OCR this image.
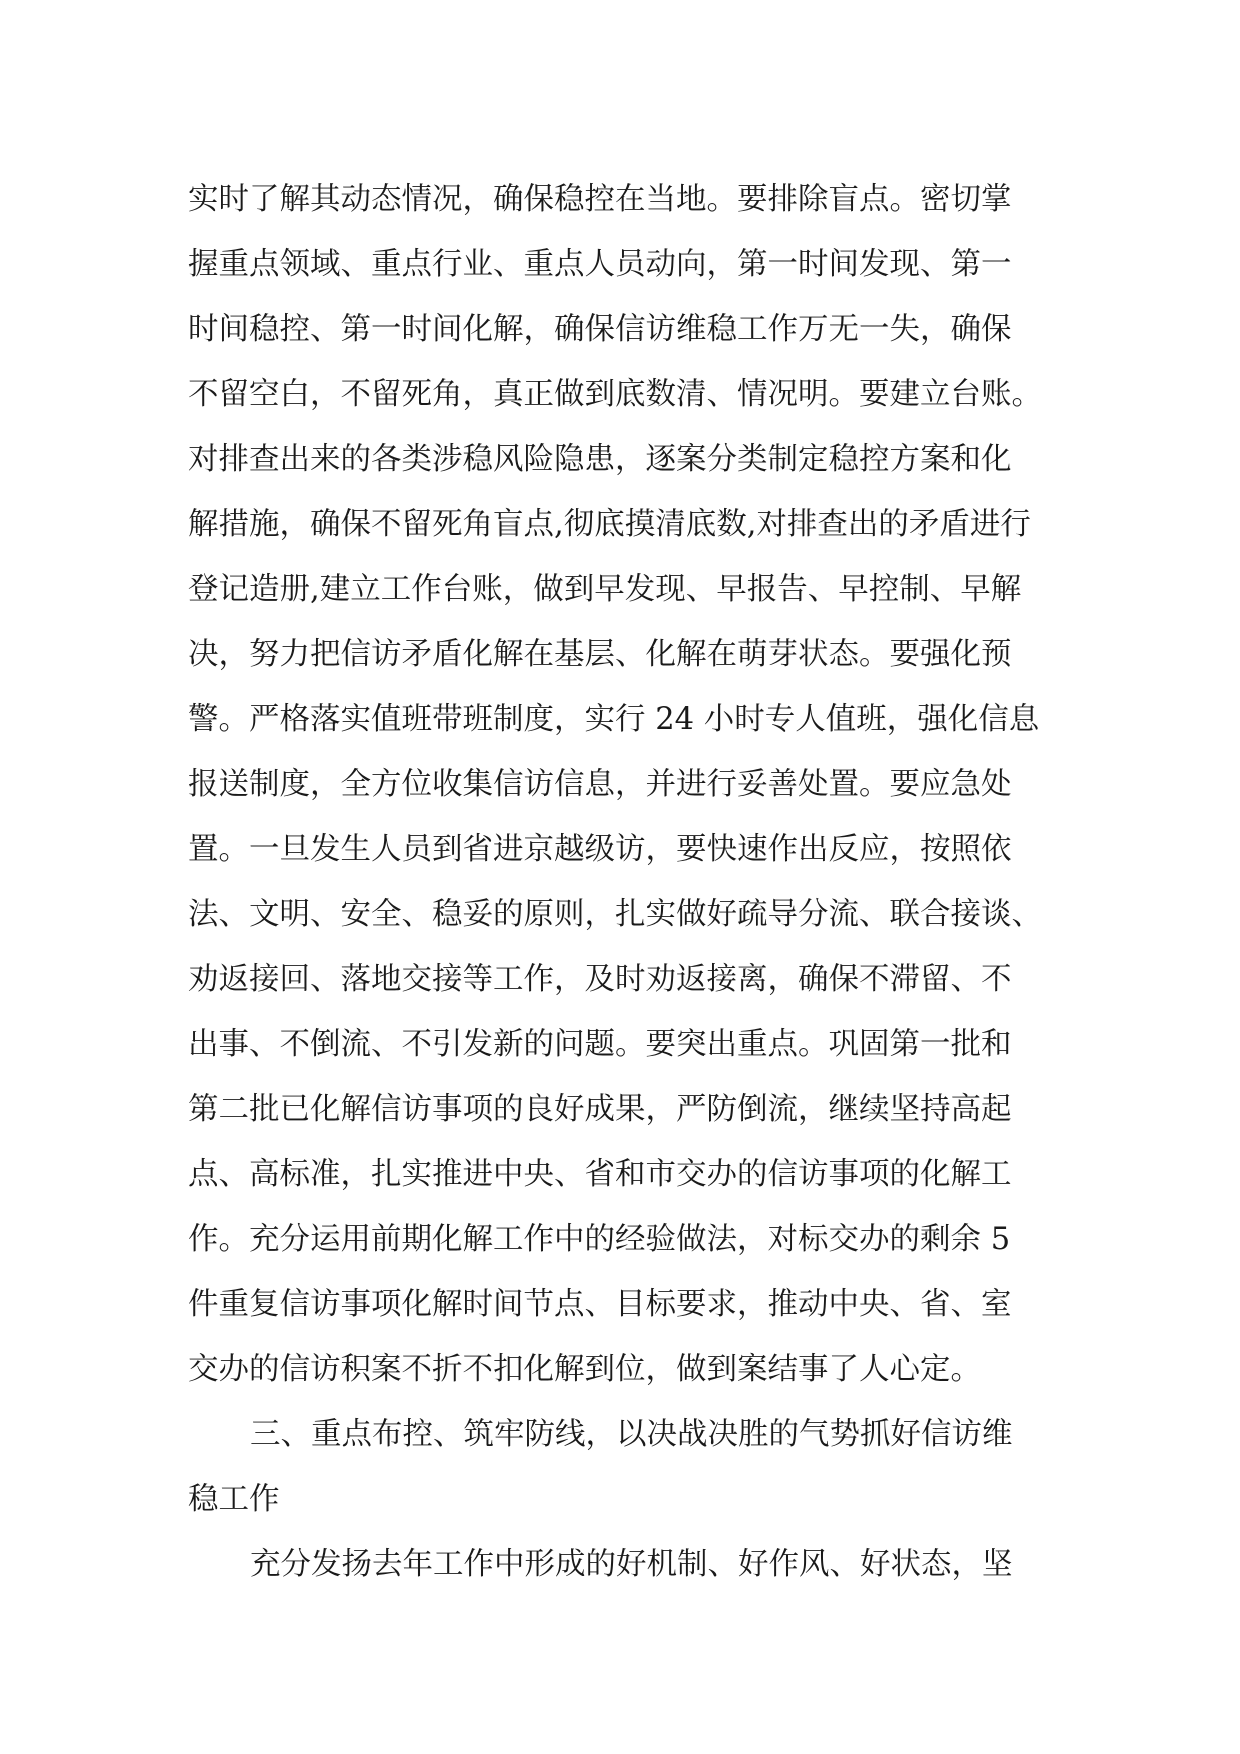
实时了解其动态情况，确保稳控在当地。要排除盲点。密切掌
握重点领域、重点行业、重点人员动向，第一时间发现、第一
时间稳控、第一时间化解，确保信访维稳工作万无一失，确保
不留空白，不留死角，真正做到底数清、情况明。要建立台账。
对排查出来的各类涉稳风险隐患，逐案分类制定稳控方案和化
解措施，确保不留死角盲点,彻底摸清底数,对排查出的矛盾进行
登记造册,建立工作台账，做到早发现、早报告、早控制、早解
决，努力把信访矛盾化解在基层、化解在萌芽状态。要强化预
警。严格落实值班带班制度，实行 24 小时专人值班，强化信息
报送制度，全方位收集信访信息，并进行妥善处置。要应急处
置。一旦发生人员到省进京越级访，要快速作出反应，按照依
法、文明、安全、稳妥的原则，扎实做好疏导分流、联合接谈、
劝返接回、落地交接等工作，及时劝返接离，确保不滞留、不
出事、不倒流、不引发新的问题。要突出重点。巩固第一批和
第二批已化解信访事项的良好成果，严防倒流，继续坚持高起
点、高标准，扎实推进中央、省和市交办的信访事项的化解工
作。充分运用前期化解工作中的经验做法，对标交办的剩余 5
件重复信访事项化解时间节点、目标要求，推动中央、省、室
交办的信访积案不折不扣化解到位，做到案结事了人心定。
三、重点布控、筑牢防线，以决战决胜的气势抓好信访维
稳工作
充分发扬去年工作中形成的好机制、好作风、好状态，坚
